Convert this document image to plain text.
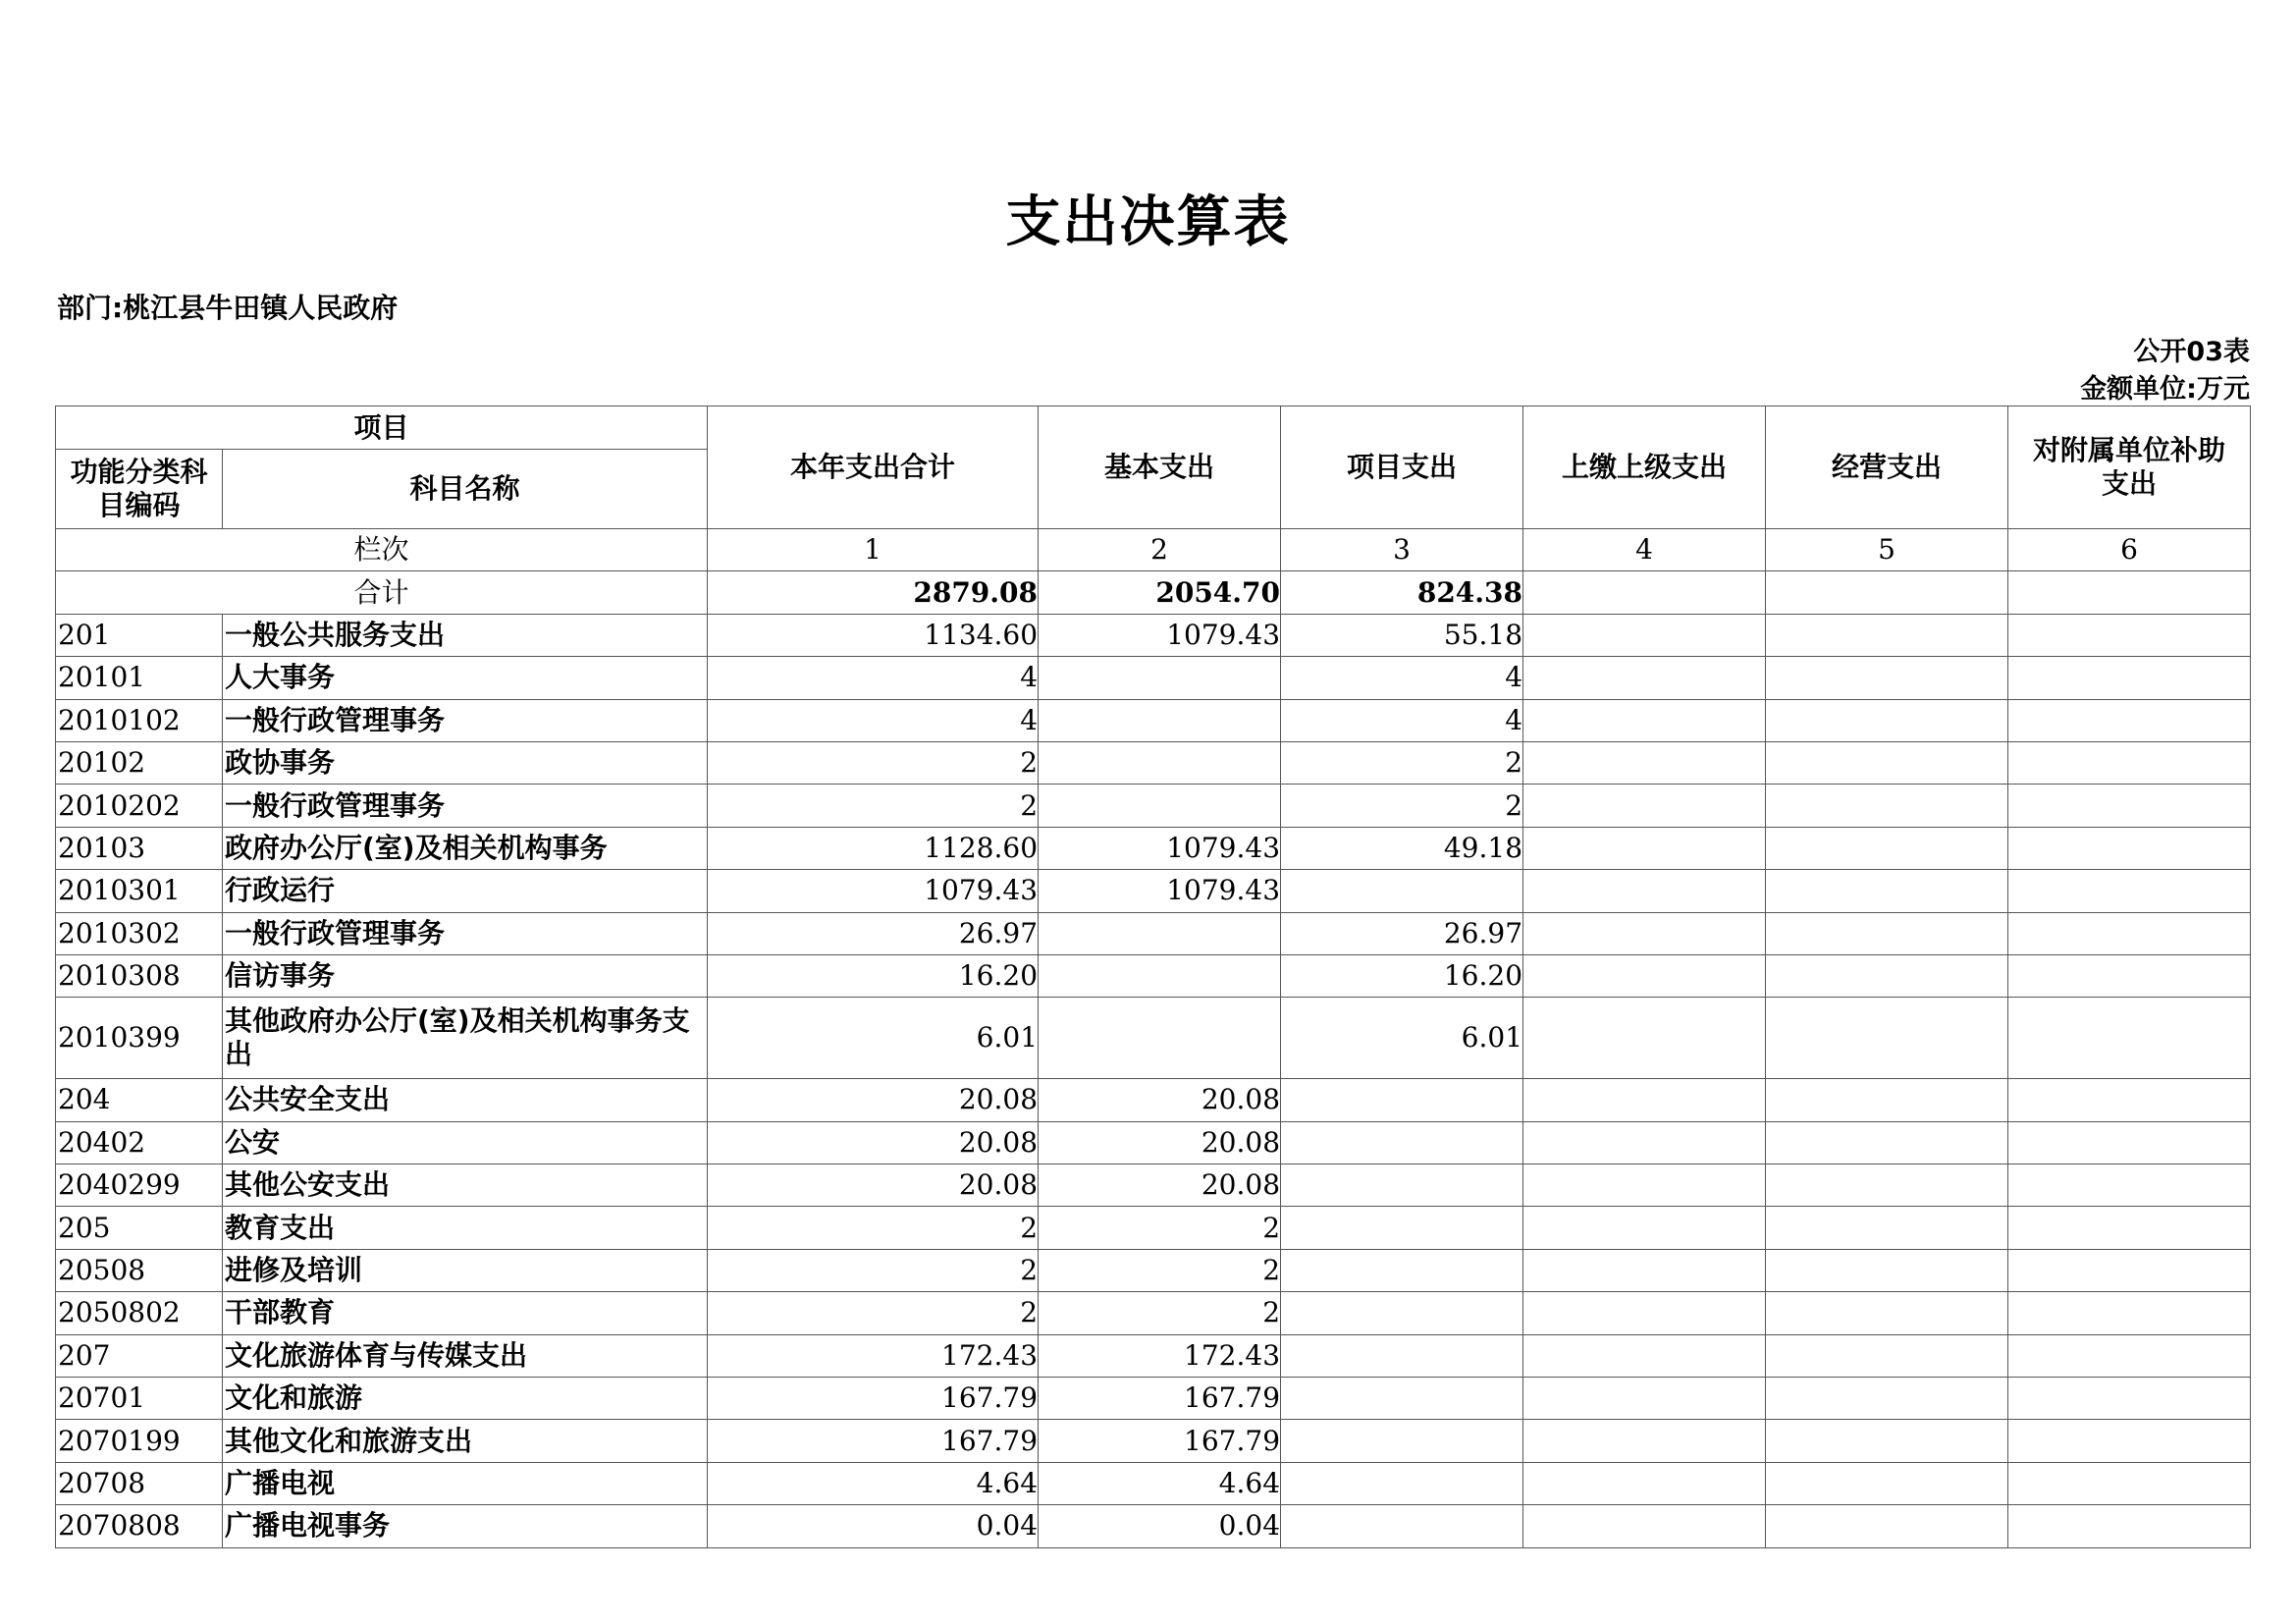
支出决算表
部门:桃江县牛田镇人民政府
公开03表
金额单位:万元
项目		本年支出合计	基本支出	项目支出	上缴上级支出	经营支出	对附属单位补助支出
功能分类科目编码	科目名称						
栏次		1	2	3	4	5	6
合计		2879.08	2054.70	824.38			
201	一般公共服务支出	1134.60	1079.43	55.18			
20101	人大事务	4		4			
2010102	一般行政管理事务	4		4			
20102	政协事务	2		2			
2010202	一般行政管理事务	2		2			
20103	政府办公厅(室)及相关机构事务	1128.60	1079.43	49.18			
2010301	行政运行	1079.43	1079.43				
2010302	一般行政管理事务	26.97		26.97			
2010308	信访事务	16.20		16.20			
2010399	其他政府办公厅(室)及相关机构事务支出	6.01		6.01			
204	公共安全支出	20.08	20.08				
20402	公安	20.08	20.08				
2040299	其他公安支出	20.08	20.08				
205	教育支出	2	2				
20508	进修及培训	2	2				
2050802	干部教育	2	2				
207	文化旅游体育与传媒支出	172.43	172.43				
20701	文化和旅游	167.79	167.79				
2070199	其他文化和旅游支出	167.79	167.79				
20708	广播电视	4.64	4.64				
2070808	广播电视事务	0.04	0.04				
